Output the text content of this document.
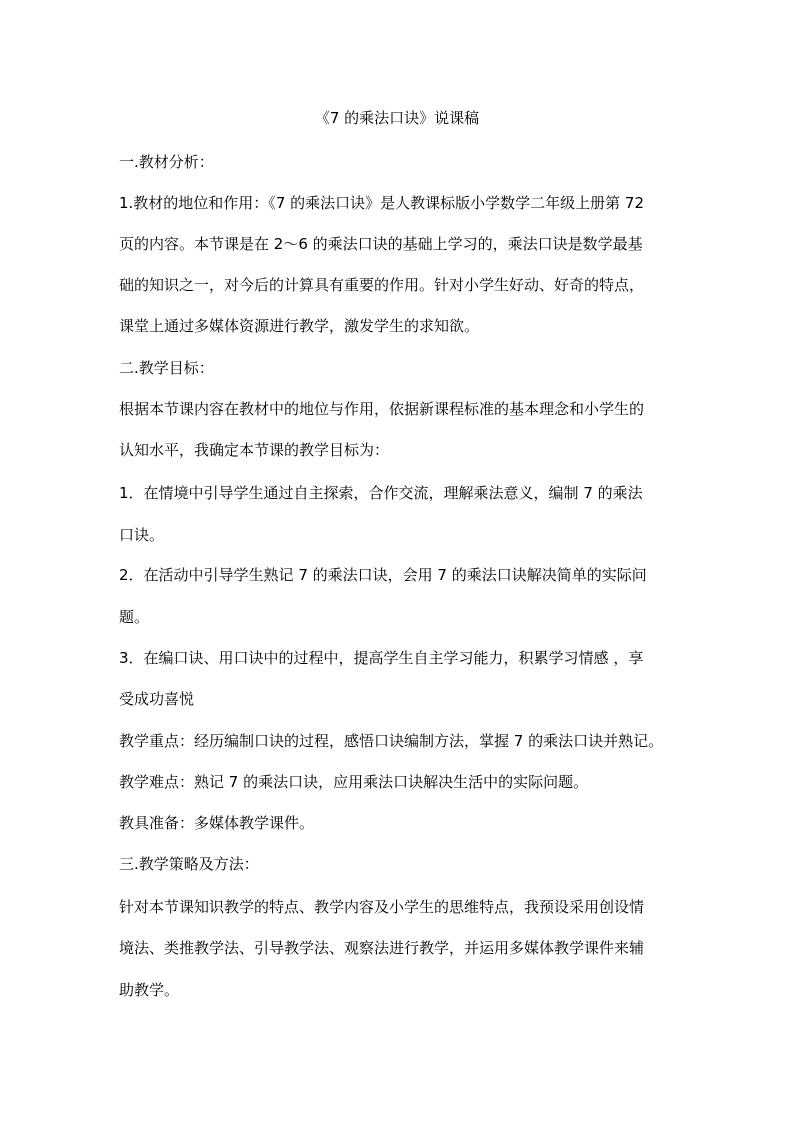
《7 的乘法口诀》说课稿
一.教材分析：
1.教材的地位和作用：《7 的乘法口诀》是人教课标版小学数学二年级上册第 72
页的内容。本节课是在 2～6 的乘法口诀的基础上学习的，乘法口诀是数学最基
础的知识之一，对今后的计算具有重要的作用。针对小学生好动、好奇的特点，
课堂上通过多媒体资源进行教学，激发学生的求知欲。
二.教学目标：
根据本节课内容在教材中的地位与作用，依据新课程标准的基本理念和小学生的
认知水平，我确定本节课的教学目标为：
1．在情境中引导学生通过自主探索，合作交流，理解乘法意义，编制 7 的乘法
口诀。
2．在活动中引导学生熟记 7 的乘法口诀，会用 7 的乘法口诀解决简单的实际问
题。
3．在编口诀、用口诀中的过程中，提高学生自主学习能力，积累学习情感 ，享
受成功喜悦
教学重点：经历编制口诀的过程，感悟口诀编制方法，掌握 7 的乘法口诀并熟记。
教学难点：熟记 7 的乘法口诀，应用乘法口诀解决生活中的实际问题。
教具准备：多媒体教学课件。
三.教学策略及方法：
针对本节课知识教学的特点、教学内容及小学生的思维特点，我预设采用创设情
境法、类推教学法、引导教学法、观察法进行教学，并运用多媒体教学课件来辅
助教学。
